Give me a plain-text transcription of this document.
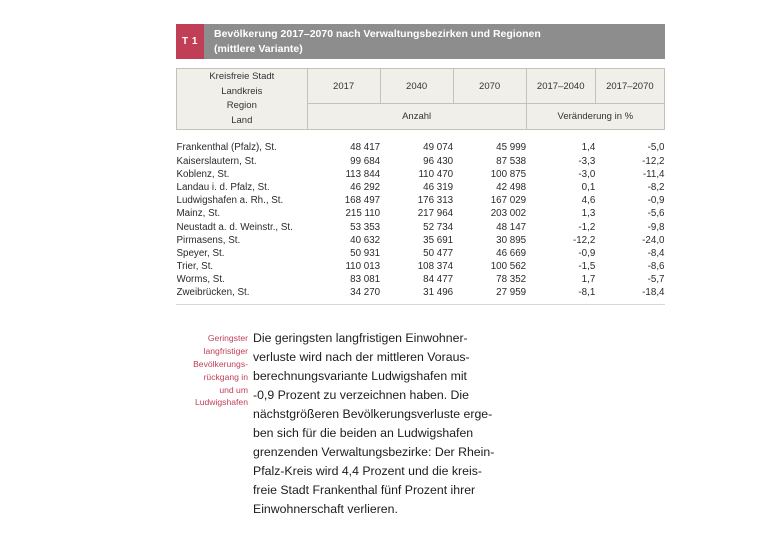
T 1
Bevölkerung 2017–2070 nach Verwaltungsbezirken und Regionen
(mittlere Variante)
Kreisfreie Stadt
Landkreis
Region
Land	2017	2040	2070	2017–2040	2017–2070
	Anzahl			Veränderung in %	
Frankenthal (Pfalz), St.	48 417	49 074	45 999	1,4	-5,0
Kaiserslautern, St.	99 684	96 430	87 538	-3,3	-12,2
Koblenz, St.	113 844	110 470	100 875	-3,0	-11,4
Landau i. d. Pfalz, St.	46 292	46 319	42 498	0,1	-8,2
Ludwigshafen a. Rh., St.	168 497	176 313	167 029	4,6	-0,9
Mainz, St.	215 110	217 964	203 002	1,3	-5,6
Neustadt a. d. Weinstr., St.	53 353	52 734	48 147	-1,2	-9,8
Pirmasens, St.	40 632	35 691	30 895	-12,2	-24,0
Speyer, St.	50 931	50 477	46 669	-0,9	-8,4
Trier, St.	110 013	108 374	100 562	-1,5	-8,6
Worms, St.	83 081	84 477	78 352	1,7	-5,7
Zweibrücken, St.	34 270	31 496	27 959	-8,1	-18,4
Geringster
langfristiger
Bevölkerungs-
rückgang in
und um
Ludwigshafen
Die geringsten langfristigen Einwohner-
verluste wird nach der mittleren Voraus-
berechnungsvariante Ludwigshafen mit
-0,9 Prozent zu verzeichnen haben. Die
nächstgrößeren Bevölkerungsverluste erge-
ben sich für die beiden an Ludwigshafen
grenzenden Verwaltungsbezirke: Der Rhein-
Pfalz-Kreis wird 4,4 Prozent und die kreis-
freie Stadt Frankenthal fünf Prozent ihrer
Einwohnerschaft verlieren.
